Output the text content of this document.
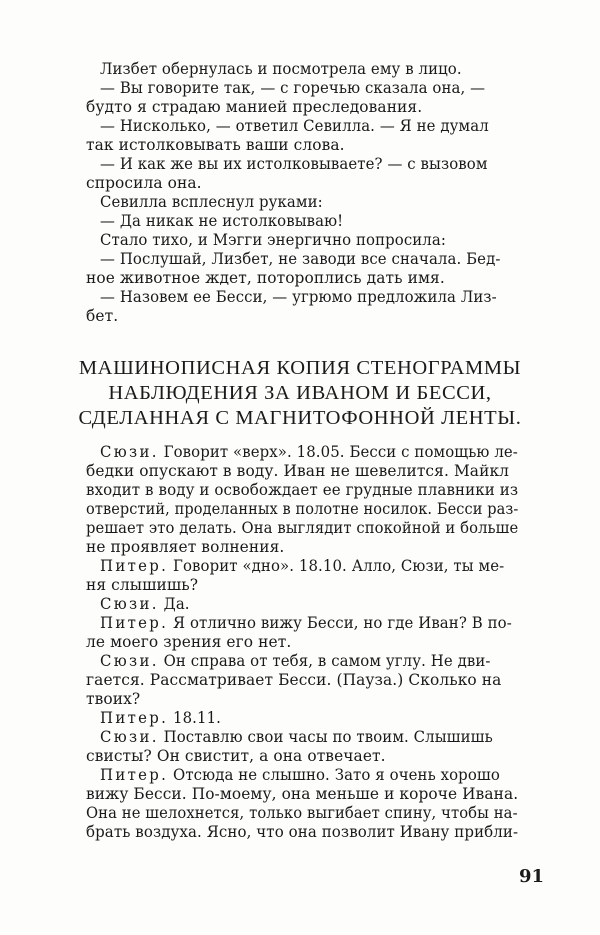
Лизбет обернулась и посмотрела ему в лицо.
— Вы говорите так, — с горечью сказала она, —
будто я страдаю манией преследования.
— Нисколько, — ответил Севилла. — Я не думал
так истолковывать ваши слова.
— И как же вы их истолковываете? — с вызовом
спросила она.
Севилла всплеснул руками:
— Да никак не истолковываю!
Стало тихо, и Мэгги энергично попросила:
— Послушай, Лизбет, не заводи все сначала. Бед-
ное животное ждет, потороплись дать имя.
— Назовем ее Бесси, — угрюмо предложила Лиз-
бет.
МАШИНОПИСНАЯ КОПИЯ СТЕНОГРАММЫ
НАБЛЮДЕНИЯ ЗА ИВАНОМ И БЕССИ,
СДЕЛАННАЯ С МАГНИТОФОННОЙ ЛЕНТЫ.
Сюзи. Говорит «верх». 18.05. Бесси с помощью ле-
бедки опускают в воду. Иван не шевелится. Майкл
входит в воду и освобождает ее грудные плавники из
отверстий, проделанных в полотне носилок. Бесси раз-
решает это делать. Она выглядит спокойной и больше
не проявляет волнения.
Питер. Говорит «дно». 18.10. Алло, Сюзи, ты ме-
ня слышишь?
Сюзи. Да.
Питер. Я отлично вижу Бесси, но где Иван? В по-
ле моего зрения его нет.
Сюзи. Он справа от тебя, в самом углу. Не дви-
гается. Рассматривает Бесси. (Пауза.) Сколько на
твоих?
Питер. 18.11.
Сюзи. Поставлю свои часы по твоим. Слышишь
свисты? Он свистит, а она отвечает.
Питер. Отсюда не слышно. Зато я очень хорошо
вижу Бесси. По-моему, она меньше и короче Ивана.
Она не шелохнется, только выгибает спину, чтобы на-
брать воздуха. Ясно, что она позволит Ивану прибли-
91
